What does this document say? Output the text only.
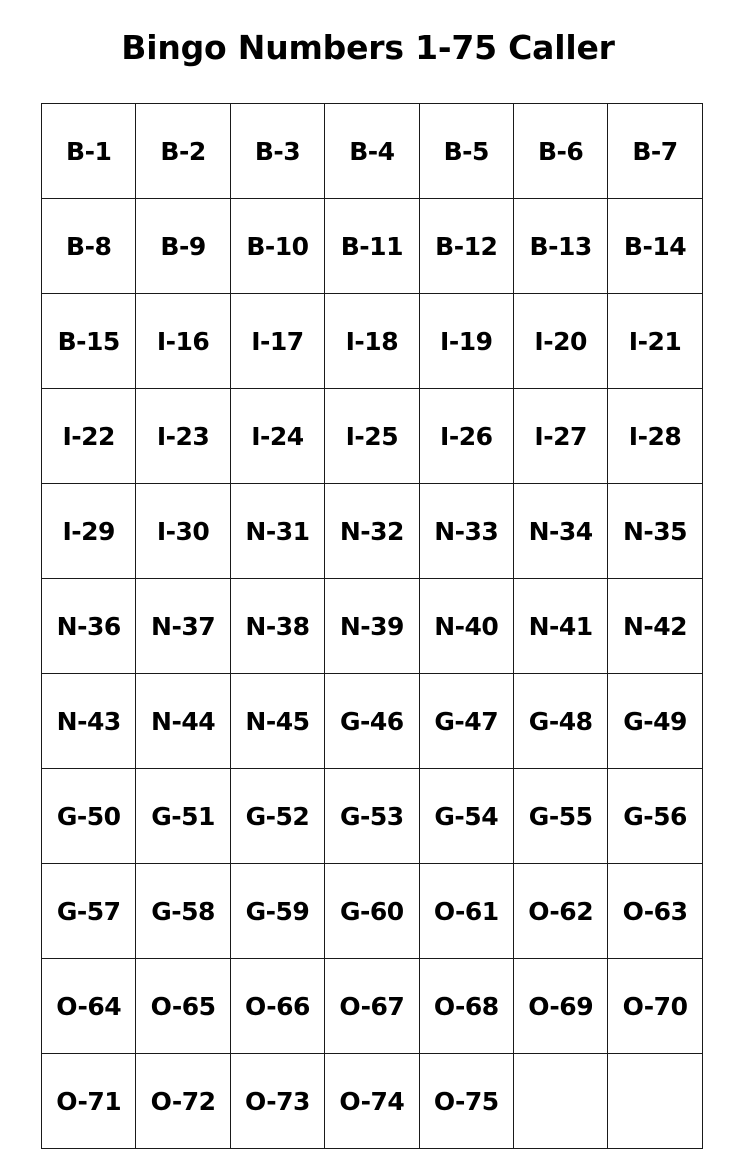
Bingo Numbers 1-75 Caller
B-1	B-2	B-3	B-4	B-5	B-6	B-7
B-8	B-9	B-10	B-11	B-12	B-13	B-14
B-15	I-16	I-17	I-18	I-19	I-20	I-21
I-22	I-23	I-24	I-25	I-26	I-27	I-28
I-29	I-30	N-31	N-32	N-33	N-34	N-35
N-36	N-37	N-38	N-39	N-40	N-41	N-42
N-43	N-44	N-45	G-46	G-47	G-48	G-49
G-50	G-51	G-52	G-53	G-54	G-55	G-56
G-57	G-58	G-59	G-60	O-61	O-62	O-63
O-64	O-65	O-66	O-67	O-68	O-69	O-70
O-71	O-72	O-73	O-74	O-75		
